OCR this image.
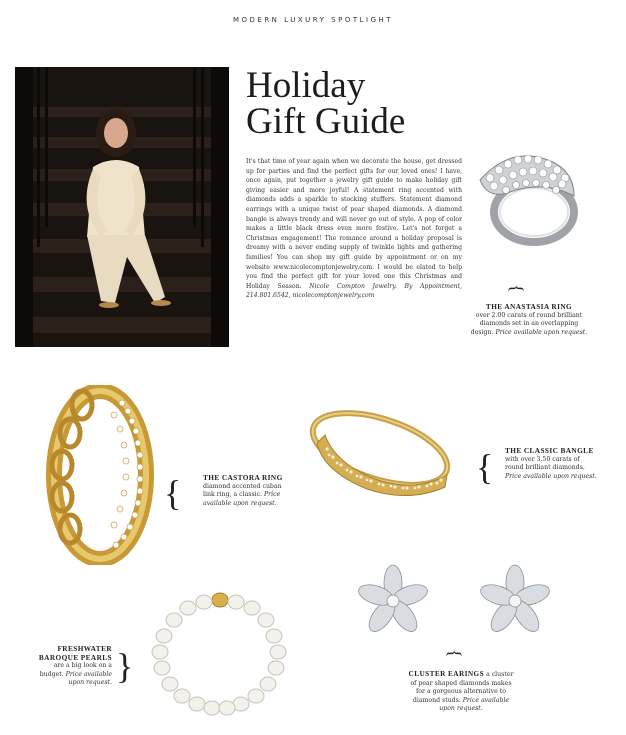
MODERN LUXURY SPOTLIGHT
Holiday
Gift Guide
It's that time of year again when we decorate the house, get dressed up for parties and find the perfect gifts for our loved ones! I have, once again, put together a jewelry gift guide to make holiday gift giving easier and more joyful! A statement ring accented with diamonds adds a sparkle to stocking stuffers. Statement diamond earrings with a unique twist of pear shaped diamonds. A diamond bangle is always trendy and will never go out of style. A pop of color makes a little black dress even more festive. Let's not forget a Christmas engagement! The romance around a holiday proposal is dreamy with a never ending supply of twinkle lights and gathering families! You can shop my gift guide by appointment or on my website www.nicolecomptonjewelry.com. I would be elated to help you find the perfect gift for your loved one this Christmas and Holiday Season. Nicole Compton Jewelry. By Appointment, 214.801.6542, nicolecomptonjewelry.com
{
THE ANASTASIA RING
over 2.00 carats of round brilliant diamonds set in an overlapping design. Price available upon request.
{	THE CASTORA RING
diamond accented cuban link ring, a classic. Price available upon request.
{ THE CLASSIC BANGLE
with over 3.50 carats of round brilliant diamonds. Price available upon request.
FRESHWATER
BAROQUE PEARLS
are a big look on a budget. Price available upon request. }	{
CLUSTER EARINGS a cluster of pear shaped diamonds makes for a gorgeous alternative to diamond studs. Price available upon request.
